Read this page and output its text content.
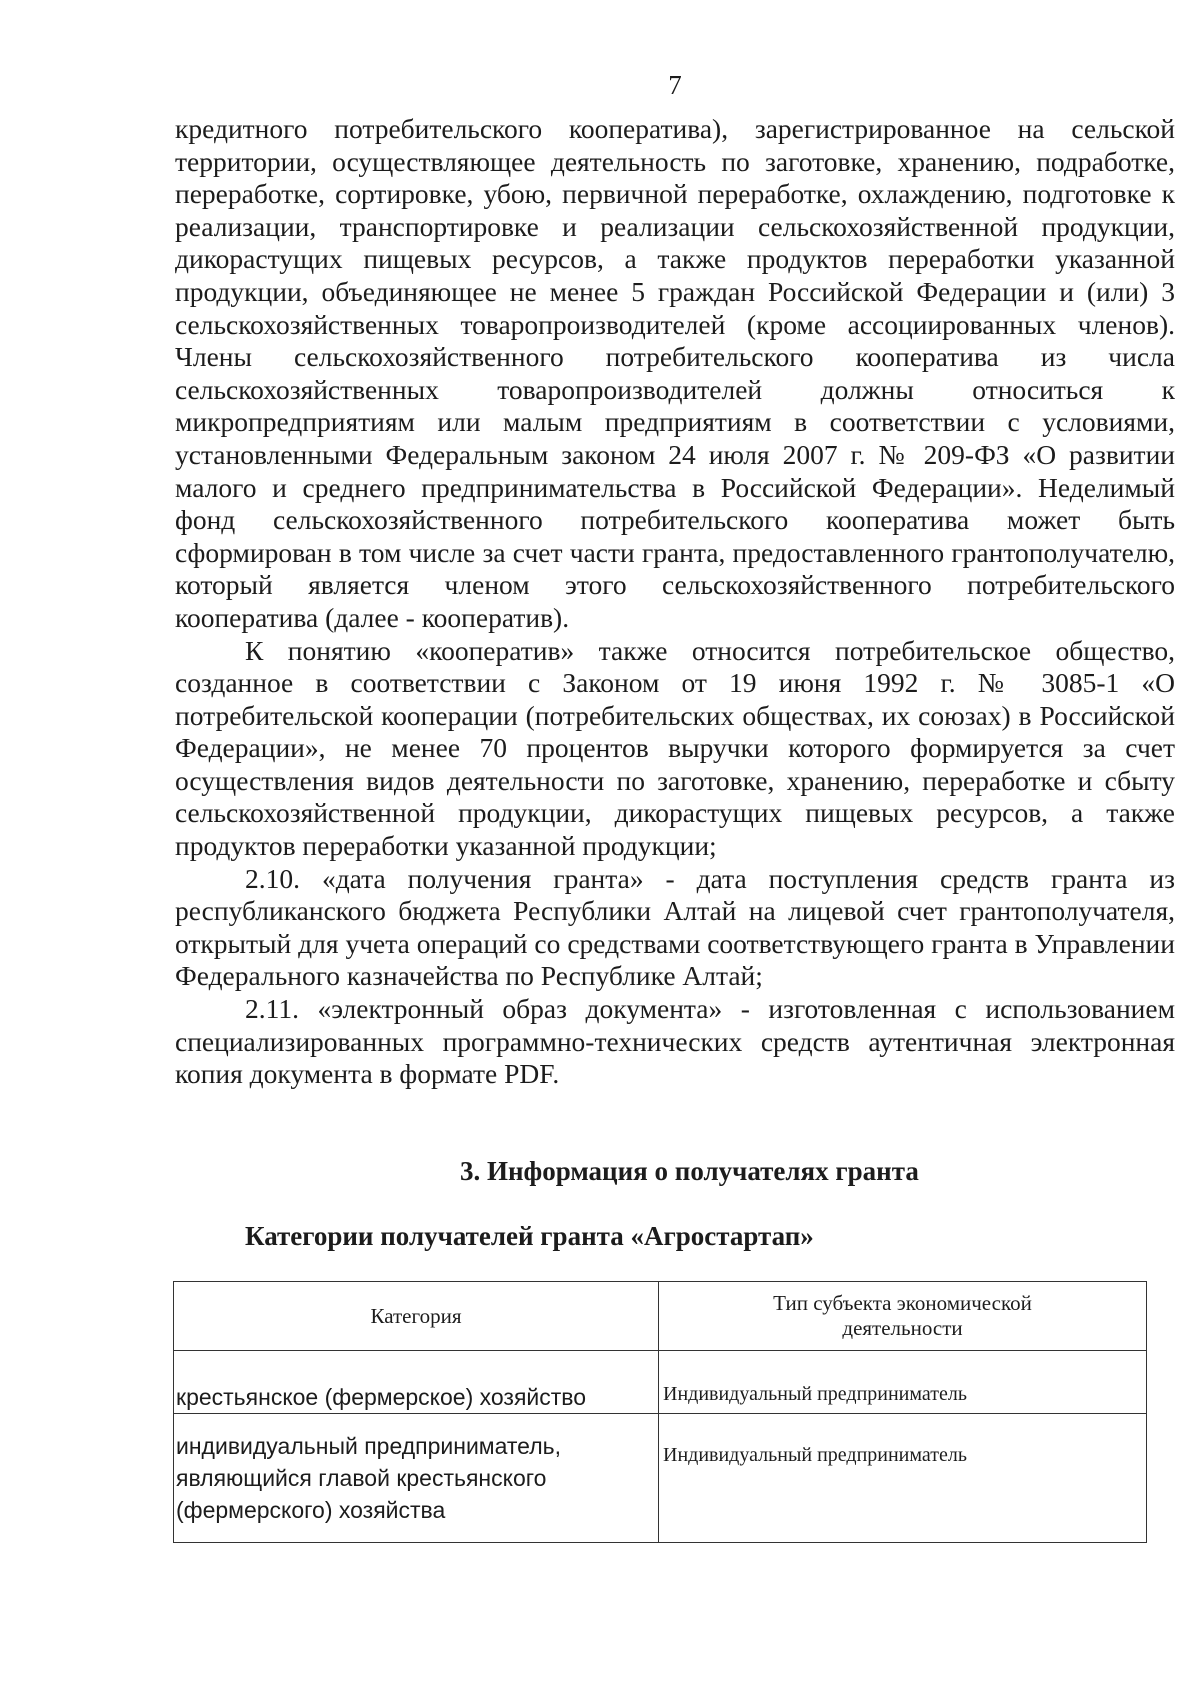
7

кредитного потребительского кооператива), зарегистрированное на сельской территории, осуществляющее деятельность по заготовке, хранению, подработке, переработке, сортировке, убою, первичной переработке, охлаждению, подготовке к реализации, транспортировке и реализации сельскохозяйственной продукции, дикорастущих пищевых ресурсов, а также продуктов переработки указанной продукции, объединяющее не менее 5 граждан Российской Федерации и (или) 3 сельскохозяйственных товаропроизводителей (кроме ассоциированных членов). Члены сельскохозяйственного потребительского кооператива из числа сельскохозяйственных товаропроизводителей должны относиться к микропредприятиям или малым предприятиям в соответствии с условиями, установленными Федеральным законом 24 июля 2007 г. № 209-ФЗ «О развитии малого и среднего предпринимательства в Российской Федерации». Неделимый фонд сельскохозяйственного потребительского кооператива может быть сформирован в том числе за счет части гранта, предоставленного грантополучателю, который является членом этого сельскохозяйственного потребительского кооператива (далее - кооператив).

К понятию «кооператив» также относится потребительское общество, созданное в соответствии с Законом от 19 июня 1992 г. № 3085-1 «О потребительской кооперации (потребительских обществах, их союзах) в Российской Федерации», не менее 70 процентов выручки которого формируется за счет осуществления видов деятельности по заготовке, хранению, переработке и сбыту сельскохозяйственной продукции, дикорастущих пищевых ресурсов, а также продуктов переработки указанной продукции;

2.10. «дата получения гранта» - дата поступления средств гранта из республиканского бюджета Республики Алтай на лицевой счет грантополучателя, открытый для учета операций со средствами соответствующего гранта в Управлении Федерального казначейства по Республике Алтай;

2.11. «электронный образ документа» - изготовленная с использованием специализированных программно-технических средств аутентичная электронная копия документа в формате PDF.

3. Информация о получателях гранта
Категории получателей гранта «Агростартап»
Категория	Тип субъекта экономической деятельности
крестьянское (фермерское) хозяйство	Индивидуальный предприниматель
индивидуальный предприниматель, являющийся главой крестьянского (фермерского) хозяйства	Индивидуальный предприниматель
